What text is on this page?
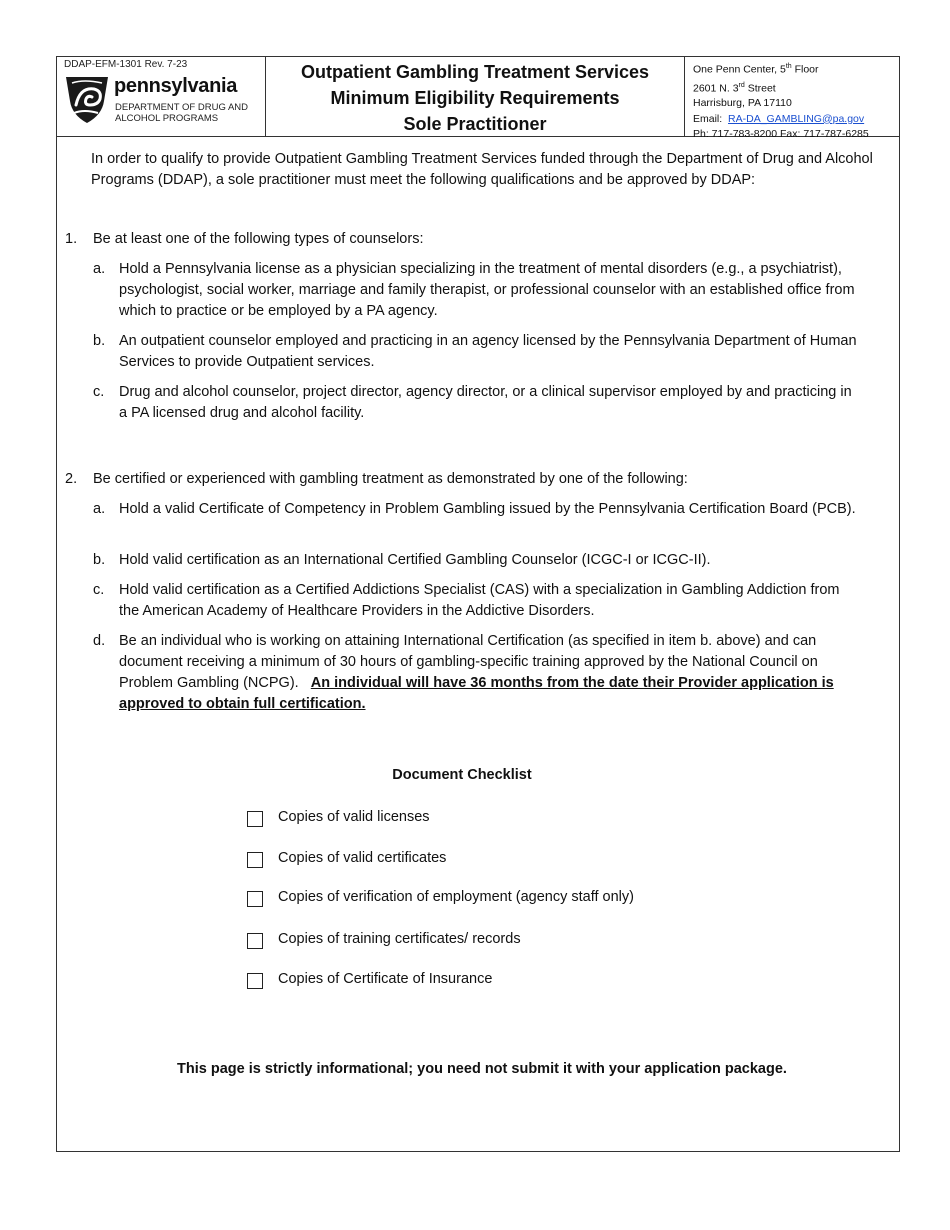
DDAP-EFM-1301 Rev. 7-23
pennsylvania
DEPARTMENT OF DRUG AND
ALCOHOL PROGRAMS
Outpatient Gambling Treatment Services
Minimum Eligibility Requirements
Sole Practitioner
One Penn Center, 5th Floor
2601 N. 3rd Street
Harrisburg, PA 17110
Email: RA-DA_GAMBLING@pa.gov
Ph: 717-783-8200 Fax: 717-787-6285

In order to qualify to provide Outpatient Gambling Treatment Services funded through the Department of Drug and Alcohol Programs (DDAP), a sole practitioner must meet the following qualifications and be approved by DDAP:

1. Be at least one of the following types of counselors:
a. Hold a Pennsylvania license as a physician specializing in the treatment of mental disorders (e.g., a psychiatrist), psychologist, social worker, marriage and family therapist, or professional counselor with an established office from which to practice or be employed by a PA agency.
b. An outpatient counselor employed and practicing in an agency licensed by the Pennsylvania Department of Human Services to provide Outpatient services.
c. Drug and alcohol counselor, project director, agency director, or a clinical supervisor employed by and practicing in a PA licensed drug and alcohol facility.
2. Be certified or experienced with gambling treatment as demonstrated by one of the following:
a. Hold a valid Certificate of Competency in Problem Gambling issued by the Pennsylvania Certification Board (PCB).
b. Hold valid certification as an International Certified Gambling Counselor (ICGC-I or ICGC-II).
c. Hold valid certification as a Certified Addictions Specialist (CAS) with a specialization in Gambling Addiction from the American Academy of Healthcare Providers in the Addictive Disorders.
d. Be an individual who is working on attaining International Certification (as specified in item b. above) and can document receiving a minimum of 30 hours of gambling-specific training approved by the National Council on Problem Gambling (NCPG).   An individual will have 36 months from the date their Provider application is approved to obtain full certification.
Document Checklist
Copies of valid licenses
Copies of valid certificates
Copies of verification of employment (agency staff only)
Copies of training certificates/ records
Copies of Certificate of Insurance
This page is strictly informational; you need not submit it with your application package.
